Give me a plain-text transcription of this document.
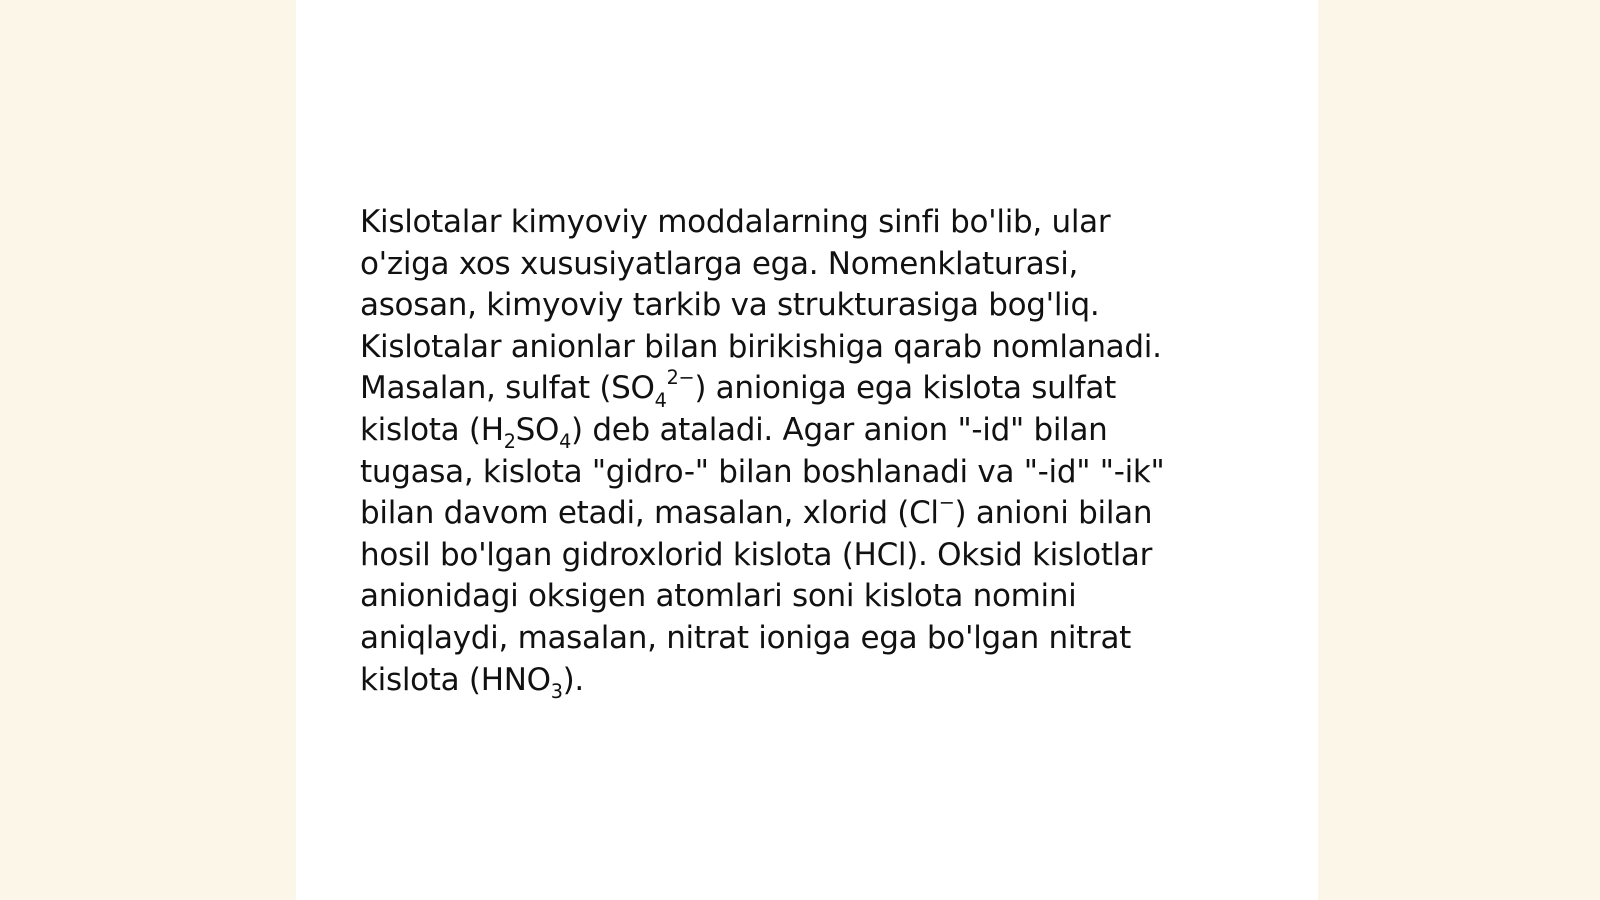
Kislotalar kimyoviy moddalarning sinfi bo'lib, ular
o'ziga xos xususiyatlarga ega. Nomenklaturasi,
asosan, kimyoviy tarkib va strukturasiga bog'liq.
Kislotalar anionlar bilan birikishiga qarab nomlanadi.
Masalan, sulfat $(SO_4^{2-})$ anioniga ega kislota sulfat
kislota $(H_2SO_4)$ deb ataladi. Agar anion "-id" bilan
tugasa, kislota "gidro-" bilan boshlanadi va "-id" "-ik"
bilan davom etadi, masalan, xlorid (Cl−) anioni bilan
hosil bo'lgan gidroxlorid kislota (HCl). Oksid kislotlar
anionidagi oksigen atomlari soni kislota nomini
aniqlaydi, masalan, nitrat ioniga ega bo'lgan nitrat
kislota $(HNO_3)$.
